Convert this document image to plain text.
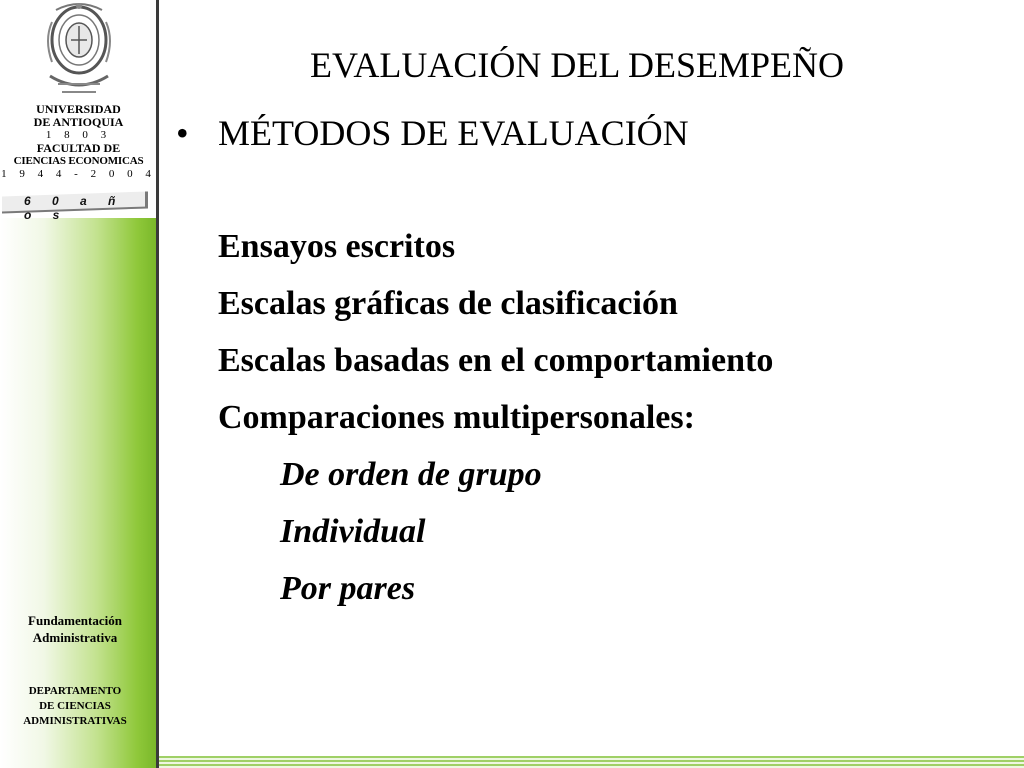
UNIVERSIDAD
DE ANTIOQUIA
1 8 0 3
FACULTAD DE
CIENCIAS ECONOMICAS
1 9 4 4 - 2 0 0 4
6 0 a ñ o s
Fundamentación
Administrativa
DEPARTAMENTO
DE CIENCIAS
ADMINISTRATIVAS
EVALUACIÓN DEL DESEMPEÑO
• MÉTODOS DE EVALUACIÓN
Ensayos escritos
Escalas gráficas de clasificación
Escalas basadas en el comportamiento
Comparaciones multipersonales:
De orden de grupo
Individual
Por pares
